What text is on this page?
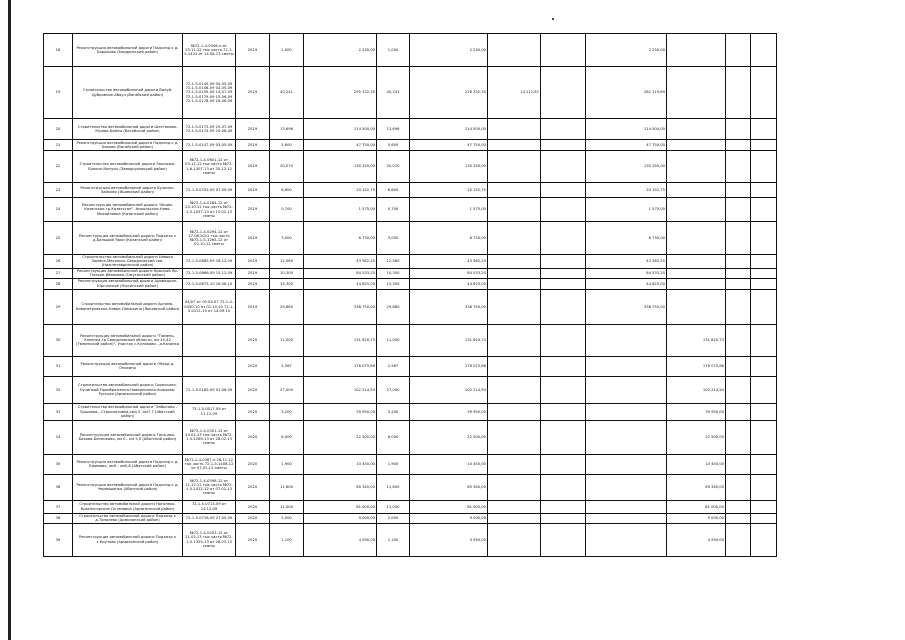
18	Реконструкция автомобильной дороги Подъезд к д. Барыково (Бердюжский район)	№72-1-4-0346-п от 25.11.12 тыс.часть 72-1-5-1424 от 14.08.13 сметы	2019	1,000	2 250,00	1,000	2 250,00			2 250,00			
19	Строительство автомобильной дороги Валуй-Дубровное-Абаул (Вагайский район)	72-1-5-0145-09 05-05-09 72-1-5-0146-09 04-05-09 72-1-5-0155-09 14-07-09 72-1-5-0179-09 15-06-09 72-1-5-0178-09 16-06-09	2019	40,241	295 332,35	40,241	226 332,35	14 212,87		282 119,69			
20	Строительство автомобильной дороги Шестаково-Юрово-Байны (Вагайский район)	72-1-5-0173-09 25-07-09 72-1-5-0174-09 24-06-09	2019	13,696	114 500,00	13,696	114 500,00			114 500,00			
21	Реконструкция автомобильной дороги Подъезд к д. Бакова (Вагайский район)	72-1-5-0147-09 03-05-09	2019	5,600	47 750,00	5,600	47 750,00			47 750,00			
22	Строительство автомобильной дороги Заклыжи-Ерохин-Митусы (Заводоуковский район)	№72-1-4-0601-12 от 03.11.12 тыс.часть №72-1-6-1307-13 от 20.12.12 сметы	2019	20,070	130 250,00	20,070	130 250,00			130 250,00			
23	Реконструкция автомобильной дороги Бучкино-Зайково (Ишимский район)	72-1-5-0702-09 07.09.09	2019	6,600	20 152,75	6,600	20 152,75			20 152,75			
24	Реконструкция автомобильной дороги "Ишим-Казанское-гр.Казахстан" -Никольское-Ново-Михайловка (Казанский район)	№72-1-4-0284-12 от 24.10.12 тыс.часть №72-1-5-1057-13 от 15.02.13 сметы	2019	0,700	1 575,00	0,700	1 575,00			1 575,00			
25	Реконструкция автомобильной дороги Подъезд к д.Большой Ярки (Казанский район)	№72-1-4-0294-12 от 17.08.2012 тыс.часть №72-1-5-1265-12 от 02.10.12 сметы	2019	3,000	6 750,00	3,000	6 750,00			6 750,00			
26	Строительство автомобильной дороги Новоая Заимка-Масальск-Свердловский сов. (Нижнетавдинский район)	72-1-5-0685-09 18.12.09	2019	12,560	43 562,25	12,560	43 562,25			43 562,25			
27	Реконструкция автомобильной дороги Красный Яр-Плехан-Ивановка (Омутинский район)	72-1-5-0666-09 15.12.09	2019	10,300	84 533,25	10,300	84 533,25			84 533,25			
28	Реконструкция автомобильной дороги Арямацкое-Юргинское (Юргинский район)	72-1-5-0675-10 16.06.10	2019	15,300	44 625,00	15,300	44 625,00			44 625,00			
29	Строительство автомобильной дороги Артамо-Новопетровское-Новое-Ламыкино (Ярковский район)	04/07 от 05.04.07 72-1-4-0450-10 от 01.10.10 72-1-5-0151-10 от 14.09.10	2019	29,660	338 750,00	29,660	338 750,00			338 750,00			
30	Реконструкция автомобильной дороги "Тюмень-Ханенка-гр.Свердловской области, км 14-42 (Тюменский район)". Участок с.Кулаково - д.Казанка		2020	11,000	131 620,73	11,000	131 620,73				131 620,73		
31	Реконструкция автомобильной дороги Обход д. Онохино		2020	2,567	176 075,66	2,567	176 075,66				176 075,66		
32	Строительство автомобильной дороги Сорочкино-Лучинкай-Преображенка-Новоильинка-Ушаково-Русская (Армизонский район)	72-1-5-0165-09 01.06.09	2020	27,000	102 214,50	27,000	102 214,50				102 214,50		
33	Строительство автомобильной дороги "Забытово - Бушаева - Старолотовка,км4,5 -км7,7 (Абатский район)	73-1-5-0517-09 от 11.12.09	2020	3,200	39 950,00	3,200	39 950,00				39 950,00		
34	Реконструкция автомобильной дороги Ганя-ево-Бокова-Банниково, км 0 - км 5,0 (Абатский район)	№72-1-4-0301-12 от 14.01.13 тыс.часть №72-1-5-1269-13 от 28.02.13 сметы	2020	6,000	22 500,00	6,000	22 500,00				22 500,00		
35	Реконструкция автомобильной дороги Подъезд к д. Ефимово, км0 - км0,8 (Абатский район)	№72-1-4-0387-п 28.11.12 тыс.часть 72-1-5-1408-12 от 07.02.13 сметы	2020	1,900	10 450,00	1,900	10 450,00				10 450,00		
36	Реконструкция автомобильной дороги Подъезд к д. Черемшанка (Абатский район)	№72-1-4-0398-12 от 11.12.12 тыс.часть №72-1-5-1422-12 от 07.02.13 сметы	2020	11,600	65 340,00	11,600	65 340,00				65 340,00		
37	Строительство автомобильной дороги Ноголеко-Красногорское-Остаповка (Армизонский район)	72-1-5-0713-09 от 14.12.09	2020	11,000	81 000,00	11,000	81 000,00				81 000,00		
38	Строительство автомобильной дороги Подъезд к д.Тополево (Армизонский район)	72-1-5-0716-09 27.05.09	2020	2,000	9 000,00	2,000	9 000,00				9 000,00		
39	Реконструкция автомобильной дороги Подъезд к с.Крутово (Армизонский район)	№72-1-4-0203-12 от 21.02.13 тыс.часть №72-1-5-1355-13 от 28.03.13 сметы	2020	1,100	4 950,00	1,100	4 950,00				4 950,00		
